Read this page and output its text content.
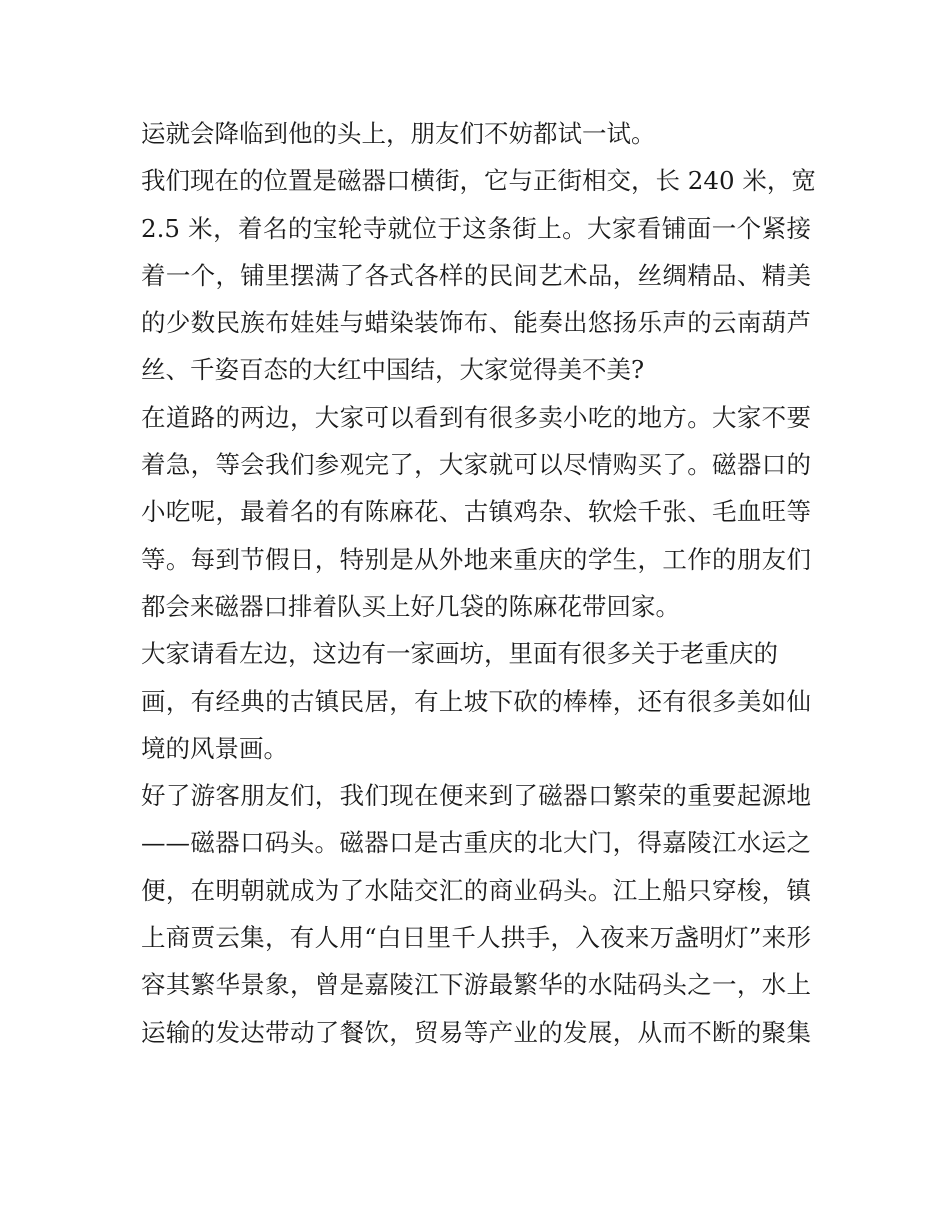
运就会降临到他的头上，朋友们不妨都试一试。
我们现在的位置是磁器口横街，它与正街相交，长 240 米，宽
2.5 米，着名的宝轮寺就位于这条街上。大家看铺面一个紧接
着一个，铺里摆满了各式各样的民间艺术品，丝绸精品、精美
的少数民族布娃娃与蜡染装饰布、能奏出悠扬乐声的云南葫芦
丝、千姿百态的大红中国结，大家觉得美不美?
在道路的两边，大家可以看到有很多卖小吃的地方。大家不要
着急，等会我们参观完了，大家就可以尽情购买了。磁器口的
小吃呢，最着名的有陈麻花、古镇鸡杂、软烩千张、毛血旺等
等。每到节假日，特别是从外地来重庆的学生，工作的朋友们
都会来磁器口排着队买上好几袋的陈麻花带回家。
大家请看左边，这边有一家画坊，里面有很多关于老重庆的
画，有经典的古镇民居，有上坡下砍的棒棒，还有很多美如仙
境的风景画。
好了游客朋友们，我们现在便来到了磁器口繁荣的重要起源地
——磁器口码头。磁器口是古重庆的北大门，得嘉陵江水运之
便，在明朝就成为了水陆交汇的商业码头。江上船只穿梭，镇
上商贾云集，有人用“白日里千人拱手，入夜来万盏明灯”来形
容其繁华景象，曾是嘉陵江下游最繁华的水陆码头之一，水上
运输的发达带动了餐饮，贸易等产业的发展，从而不断的聚集
